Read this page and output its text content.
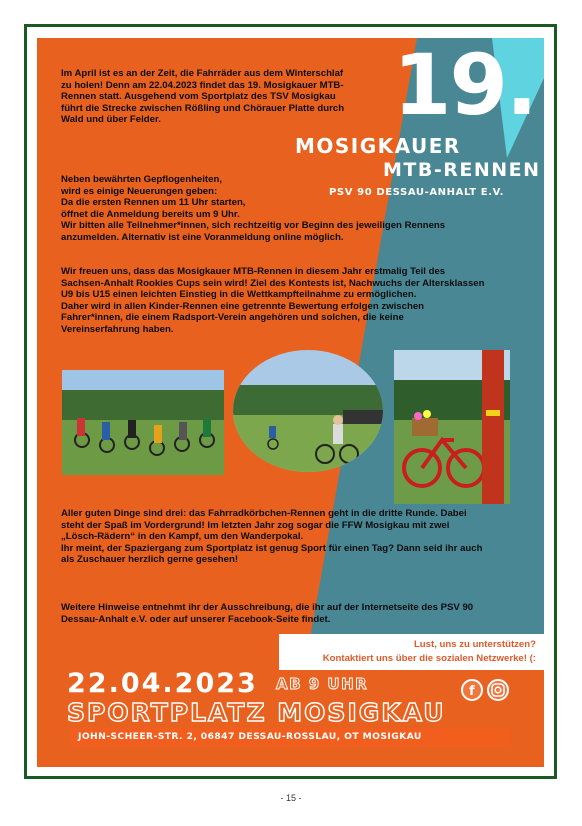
19.
MOSIGKAUER
MTB-RENNEN
PSV 90 DESSAU-ANHALT E.V.
Im April ist es an der Zeit, die Fahrräder aus dem Winterschlaf
zu holen! Denn am 22.04.2023 findet das 19. Mosigkauer MTB-
Rennen statt. Ausgehend vom Sportplatz des TSV Mosigkau
führt die Strecke zwischen Rößling und Chörauer Platte durch
Wald und über Felder.
Neben bewährten Gepflogenheiten,
wird es einige Neuerungen geben:
Da die ersten Rennen um 11 Uhr starten,
öffnet die Anmeldung bereits um 9 Uhr.
Wir bitten alle Teilnehmer*innen, sich rechtzeitig vor Beginn des jeweiligen Rennens
anzumelden. Alternativ ist eine Voranmeldung online möglich.
Wir freuen uns, dass das Mosigkauer MTB-Rennen in diesem Jahr erstmalig Teil des
Sachsen-Anhalt Rookies Cups sein wird! Ziel des Kontests ist, Nachwuchs der Altersklassen
U9 bis U15 einen leichten Einstieg in die Wettkampfteilnahme zu ermöglichen.
Daher wird in allen Kinder-Rennen eine getrennte Bewertung erfolgen zwischen
Fahrer*innen, die einem Radsport-Verein angehören und solchen, die keine
Vereinserfahrung haben.
Aller guten Dinge sind drei: das Fahrradkörbchen-Rennen geht in die dritte Runde. Dabei
steht der Spaß im Vordergrund! Im letzten Jahr zog sogar die FFW Mosigkau mit zwei
„Lösch-Rädern“ in den Kampf, um den Wanderpokal.
Ihr meint, der Spaziergang zum Sportplatz ist genug Sport für einen Tag? Dann seid ihr auch
als Zuschauer herzlich gerne gesehen!
Weitere Hinweise entnehmt ihr der Ausschreibung, die ihr auf der Internetseite des PSV 90
Dessau-Anhalt e.V. oder auf unserer Facebook-Seite findet.
Lust, uns zu unterstützen?
Kontaktiert uns über die sozialen Netzwerke! (:
22.04.2023 AB 9 UHR	f
SPORTPLATZ MOSIGKAU
JOHN-SCHEER-STR. 2, 06847 DESSAU-ROSSLAU, OT MOSIGKAU
- 15 -
